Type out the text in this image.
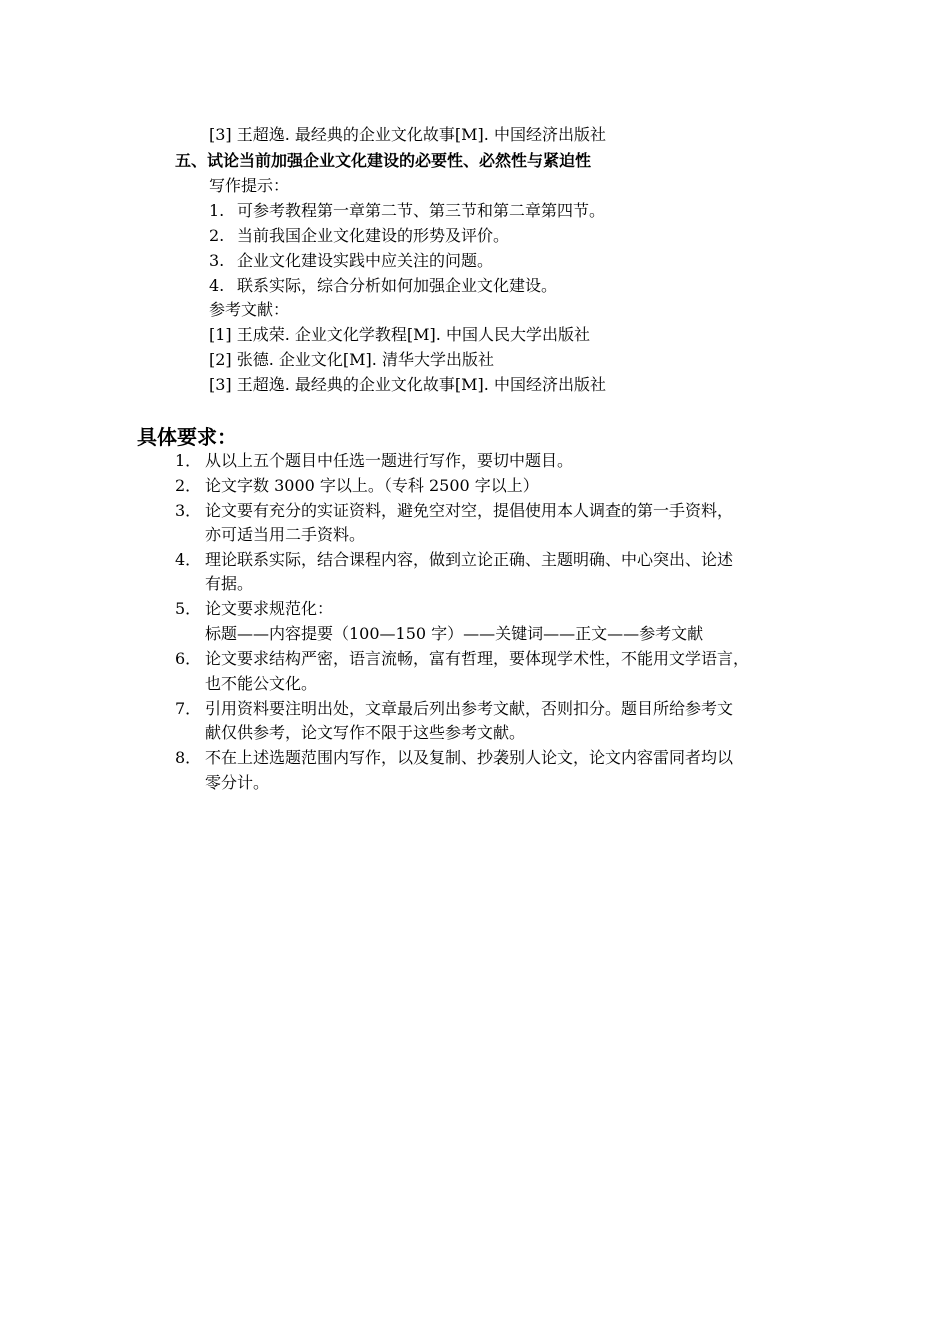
[3] 王超逸. 最经典的企业文化故事[M]. 中国经济出版社
五、试论当前加强企业文化建设的必要性、必然性与紧迫性
写作提示：
1. 可参考教程第一章第二节、第三节和第二章第四节。
2. 当前我国企业文化建设的形势及评价。
3. 企业文化建设实践中应关注的问题。
4. 联系实际，综合分析如何加强企业文化建设。
参考文献：
[1] 王成荣. 企业文化学教程[M]. 中国人民大学出版社
[2] 张德. 企业文化[M]. 清华大学出版社
[3] 王超逸. 最经典的企业文化故事[M]. 中国经济出版社
具体要求：
1． 从以上五个题目中任选一题进行写作，要切中题目。
2． 论文字数 3000 字以上。（专科 2500 字以上）
3． 论文要有充分的实证资料，避免空对空，提倡使用本人调查的第一手资料，
亦可适当用二手资料。
4． 理论联系实际，结合课程内容，做到立论正确、主题明确、中心突出、论述
有据。
5． 论文要求规范化：
标题——内容提要（100—150 字）——关键词——正文——参考文献
6． 论文要求结构严密，语言流畅，富有哲理，要体现学术性，不能用文学语言，
也不能公文化。
7． 引用资料要注明出处，文章最后列出参考文献，否则扣分。题目所给参考文
献仅供参考，论文写作不限于这些参考文献。
8． 不在上述选题范围内写作，以及复制、抄袭别人论文，论文内容雷同者均以
零分计。
